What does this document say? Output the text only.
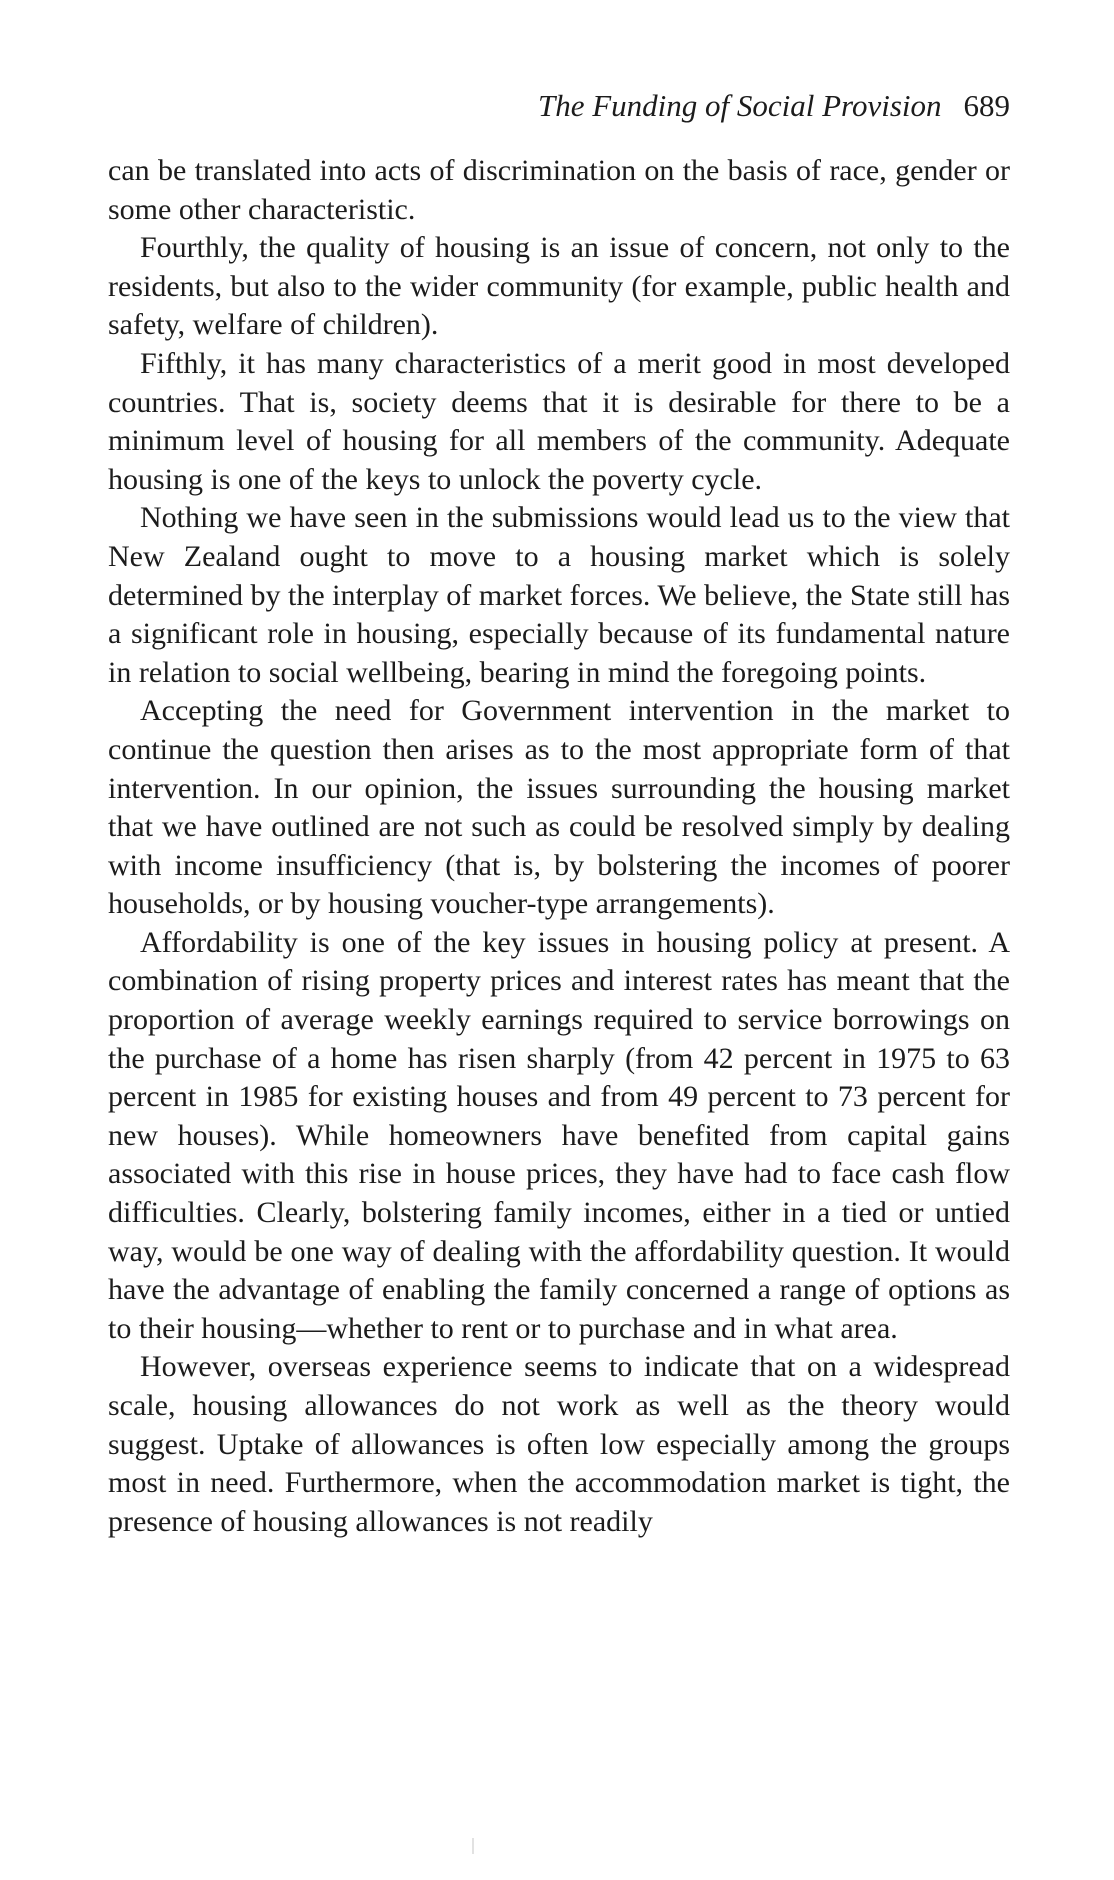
The Funding of Social Provision 689

can be translated into acts of discrimination on the basis of race, gender or some other characteristic.

Fourthly, the quality of housing is an issue of concern, not only to the residents, but also to the wider community (for example, public health and safety, welfare of children).

Fifthly, it has many characteristics of a merit good in most developed countries. That is, society deems that it is desirable for there to be a minimum level of housing for all members of the community. Adequate housing is one of the keys to unlock the poverty cycle.

Nothing we have seen in the submissions would lead us to the view that New Zealand ought to move to a housing market which is solely determined by the interplay of market forces. We believe, the State still has a significant role in housing, especially because of its fundamental nature in relation to social wellbeing, bearing in mind the foregoing points.

Accepting the need for Government intervention in the market to continue the question then arises as to the most appropriate form of that intervention. In our opinion, the issues surrounding the housing market that we have outlined are not such as could be resolved simply by dealing with income insufficiency (that is, by bolstering the incomes of poorer households, or by housing voucher-type arrangements).

Affordability is one of the key issues in housing policy at present. A combination of rising property prices and interest rates has meant that the proportion of average weekly earnings required to service borrowings on the purchase of a home has risen sharply (from 42 percent in 1975 to 63 percent in 1985 for existing houses and from 49 percent to 73 percent for new houses). While homeowners have benefited from capital gains associated with this rise in house prices, they have had to face cash flow difficulties. Clearly, bolstering family incomes, either in a tied or untied way, would be one way of dealing with the affordability question. It would have the advantage of enabling the family concerned a range of options as to their housing—whether to rent or to purchase and in what area.

However, overseas experience seems to indicate that on a widespread scale, housing allowances do not work as well as the theory would suggest. Uptake of allowances is often low especially among the groups most in need. Furthermore, when the accommodation market is tight, the presence of housing allowances is not readily
